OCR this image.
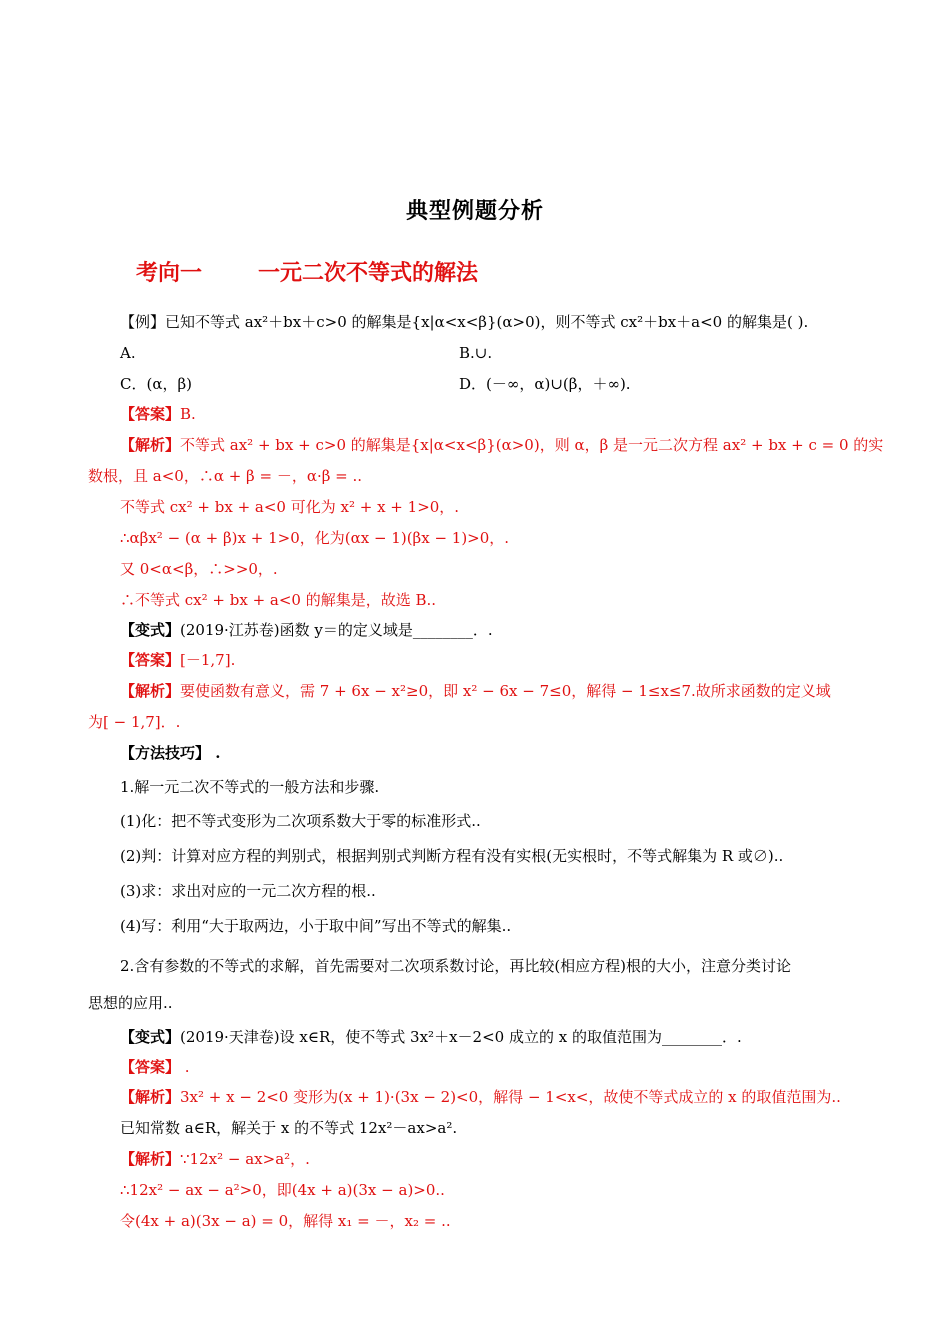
典型例题分析
考向一	一元二次不等式的解法
【例】已知不等式 ax²＋bx＋c>0 的解集是{x|α<x<β}(α>0)，则不等式 cx²＋bx＋a<0 的解集是( ).
A.	B.∪.
C．(α，β)	D．(－∞，α)∪(β，＋∞).
【答案】B.
【解析】不等式 ax² + bx + c>0 的解集是{x|α<x<β}(α>0)，则 α，β 是一元二次方程 ax² + bx + c = 0 的实
数根，且 a<0，∴α + β = －，α·β = ..
不等式 cx² + bx + a<0 可化为 x² + x + 1>0，.
∴αβx² − (α + β)x + 1>0，化为(αx − 1)(βx − 1)>0，.
又 0<α<β，∴>>0，.
∴不等式 cx² + bx + a<0 的解集是，故选 B..
【变式】(2019·江苏卷)函数 y＝的定义域是________．.
【答案】[－1,7].
【解析】要使函数有意义，需 7 + 6x − x²≥0，即 x² − 6x − 7≤0，解得 − 1≤x≤7.故所求函数的定义域
为[ − 1,7]．.
【方法技巧】 .
1.解一元二次不等式的一般方法和步骤.
(1)化：把不等式变形为二次项系数大于零的标准形式..
(2)判：计算对应方程的判别式，根据判别式判断方程有没有实根(无实根时，不等式解集为 R 或∅)..
(3)求：求出对应的一元二次方程的根..
(4)写：利用“大于取两边，小于取中间”写出不等式的解集..
2.含有参数的不等式的求解，首先需要对二次项系数讨论，再比较(相应方程)根的大小，注意分类讨论
思想的应用..
【变式】(2019·天津卷)设 x∈R，使不等式 3x²＋x－2<0 成立的 x 的取值范围为________．.
【答案】 .
【解析】3x² + x − 2<0 变形为(x + 1)·(3x − 2)<0，解得 − 1<x<，故使不等式成立的 x 的取值范围为..
已知常数 a∈R，解关于 x 的不等式 12x²－ax>a².
【解析】∵12x² − ax>a²，.
∴12x² − ax − a²>0，即(4x + a)(3x − a)>0..
令(4x + a)(3x − a) = 0，解得 x₁ = －，x₂ = ..
